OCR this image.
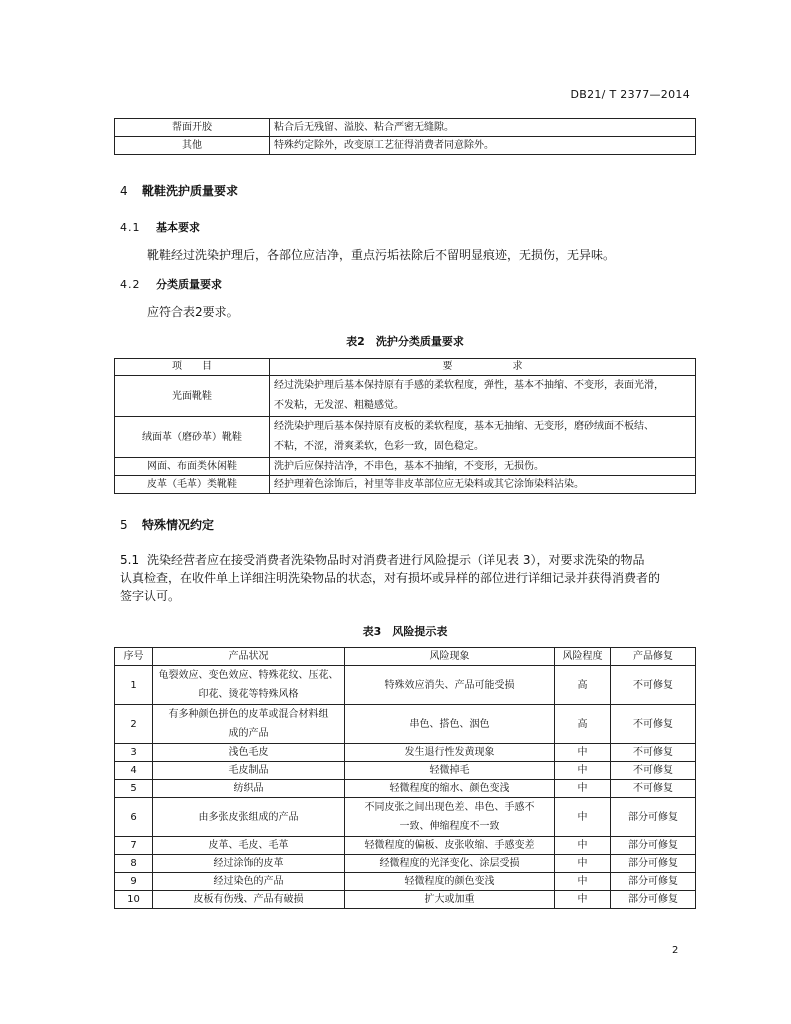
DB21/ T 2377—2014
帮面开胶	粘合后无残留、溢胶、粘合严密无缝隙。
其他	特殊约定除外，改变原工艺征得消费者同意除外。
4 靴鞋洗护质量要求
4.1 基本要求
靴鞋经过洗染护理后，各部位应洁净，重点污垢祛除后不留明显痕迹，无损伤，无异味。
4.2 分类质量要求
应符合表2要求。
表2　洗护分类质量要求
项　　目	要　　　　　　求
光面靴鞋	经过洗染护理后基本保持原有手感的柔软程度，弹性，基本不抽缩、不变形，表面光滑，
不发粘，无发涩、粗糙感觉。

绒面革（磨砂革）靴鞋	经洗染护理后基本保持原有皮板的柔软程度，基本无抽缩、无变形，磨砂绒面不板结、
不粘，不涩，滑爽柔软，色彩一致，固色稳定。

网面、布面类休闲鞋	洗护后应保持洁净，不串色，基本不抽缩，不变形，无损伤。
皮革（毛革）类靴鞋	经护理着色涂饰后，衬里等非皮革部位应无染料或其它涂饰染料沾染。
5 特殊情况约定
5.1 洗染经营者应在接受消费者洗染物品时对消费者进行风险提示（详见表 3），对要求洗染的物品
认真检查，在收件单上详细注明洗染物品的状态，对有损坏或异样的部位进行详细记录并获得消费者的
签字认可。
表3　风险提示表
序号	产品状况	风险现象	风险程度	产品修复
1	龟裂效应、变色效应、特殊花纹、压花、
印花、烫花等特殊风格	特殊效应消失、产品可能受损	高	不可修复
2	有多种颜色拼色的皮革或混合材料组
成的产品	串色、搭色、洇色	高	不可修复
3	浅色毛皮	发生退行性发黄现象	中	不可修复
4	毛皮制品	轻微掉毛	中	不可修复
5	纺织品	轻微程度的缩水、颜色变浅	中	不可修复
6	由多张皮张组成的产品	不同皮张之间出现色差、串色、手感不
一致、伸缩程度不一致	中	部分可修复
7	皮革、毛皮、毛革	轻微程度的偏板、皮张收缩、手感变差	中	部分可修复
8	经过涂饰的皮革	经微程度的光泽变化、涂层受损	中	部分可修复
9	经过染色的产品	轻微程度的颜色变浅	中	部分可修复
10	皮板有伤残、产品有破损	扩大或加重	中	部分可修复
2
